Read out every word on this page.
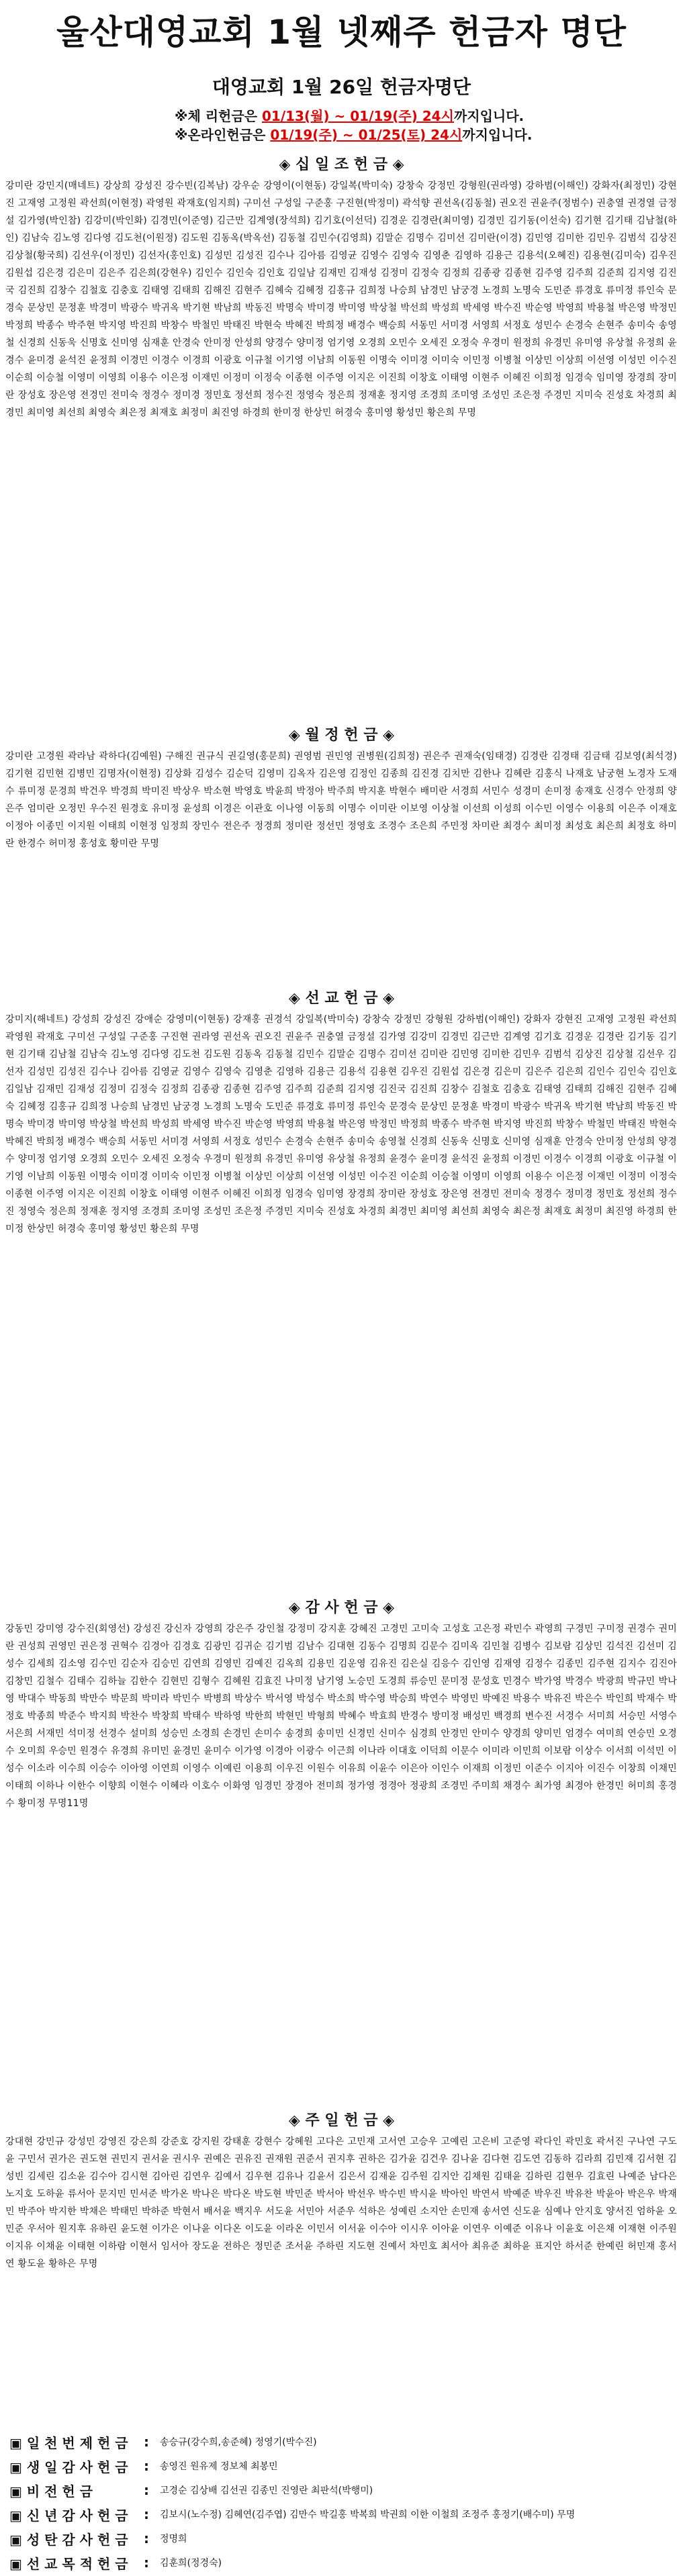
울산대영교회 1월 넷째주 헌금자 명단
대영교회 1월 26일 헌금자명단
※체 리헌금은 01/13(월) ~ 01/19(주) 24시까지입니다.
※온라인헌금은 01/19(주) ~ 01/25(토) 24시까지입니다.
◈ 십 일 조 헌 금 ◈
강미란 강민지(매네트) 강상희 강성진 강수빈(김복남) 강우순 강영이(이현동) 강일복(박미숙) 강창숙 강정민 강형원(권라영) 강하범(이해인) 강화자(최정민) 강현진 고재영 고정원 곽선희(이현정) 곽영원 곽재호(임지희) 구미선 구성일 구준홍 구진현(박정미) 곽석향 권선옥(김동철) 권오진 권윤주(정범수) 권충열 권경열 금정설 김가영(박인참) 김강미(박인화) 김경민(이준영) 김근만 김계영(장석희) 김기호(이선덕) 김경운 김경란(최미영) 김경민 김기동(이선숙) 김기현 김기태 김남철(하인) 김남숙 김노영 김다영 김도천(이원정) 김도원 김동옥(박옥선) 김동철 김민수(김영희) 김말순 김명수 김미선 김미란(이경) 김민영 김미한 김민우 김범석 김상진 김상철(황국희) 김선우(이정민) 김선자(홍인호) 김성민 김성진 김수나 김아름 김영균 김영수 김영숙 김영춘 김영하 김용근 김용석(오혜진) 김용현(김미숙) 김우진 김원섭 김은경 김은미 김은주 김은희(강현우) 김인수 김인숙 김인호 김일남 김재민 김재성 김정미 김정숙 김정희 김종광 김종현 김주영 김주희 김준희 김지영 김진국 김진희 김창수 김철호 김충호 김태영 김태희 김해진 김현주 김혜숙 김혜정 김홍규 김희정 나승희 남경민 남궁경 노경희 노명숙 도민준 류경호 류미정 류인숙 문경숙 문상민 문정훈 박경미 박광수 박귀옥 박기현 박남희 박동진 박명숙 박미경 박미영 박상철 박선희 박성희 박세영 박수진 박순영 박영희 박용철 박은영 박정민 박정희 박종수 박주현 박지영 박진희 박창수 박철민 박태진 박현숙 박혜진 박희정 배경수 백승희 서동민 서미경 서영희 서정호 성민수 손경숙 손현주 송미숙 송영철 신경희 신동욱 신명호 신미영 심재훈 안경숙 안미정 안성희 양경수 양미정 엄기영 오경희 오민수 오세진 오정숙 우경미 원정희 유경민 유미영 유상철 유정희 윤경수 윤미경 윤석진 윤정희 이경민 이경수 이경희 이광호 이규철 이기영 이남희 이동원 이명숙 이미경 이미숙 이민정 이병철 이상민 이상희 이선영 이성민 이수진 이순희 이승철 이영미 이영희 이용수 이은정 이재민 이정미 이정숙 이종현 이주영 이지은 이진희 이창호 이태영 이현주 이혜진 이희정 임경숙 임미영 장경희 장미란 장성호 장은영 전경민 전미숙 정경수 정미경 정민호 정선희 정수진 정영숙 정은희 정재훈 정지영 조경희 조미영 조성민 조은정 주경민 지미숙 진성호 차경희 최경민 최미영 최선희 최영숙 최은정 최재호 최정미 최진영 하경희 한미정 한상민 허경숙 홍미영 황성민 황은희 무명
◈ 월 정 헌 금 ◈
강미란 고경원 곽라남 곽하다(김예원) 구해진 권규식 권길영(홍문희) 권영범 권민영 권병원(김희정) 권은주 권재숙(임태경) 김경란 김경태 김금태 김보영(최석경) 김기현 김민현 김병민 김명자(이현정) 김상화 김성수 김순덕 김영미 김옥자 김은영 김정인 김종희 김진경 김치만 김한나 김혜란 김홍식 나재호 남궁현 노경자 도재수 류미정 문경희 박건우 박경희 박미진 박상우 박소현 박영호 박윤희 박정아 박주희 박지훈 박현수 배미란 서경희 서민수 성경미 손미정 송재호 신경수 안정희 양은주 엄미란 오정민 우수진 원경호 유미정 윤성희 이경은 이관호 이나영 이동희 이명수 이미란 이보영 이상철 이선희 이성희 이수민 이영수 이용희 이은주 이재호 이정아 이종민 이지원 이태희 이현정 임정희 장민수 전은주 정경희 정미란 정선민 정영호 조경수 조은희 주민정 차미란 최경수 최미정 최성호 최은희 최정호 하미란 한경수 허미정 홍성호 황미란 무명
◈ 선 교 헌 금 ◈
강미지(해네트) 강성희 강성진 강애순 강영미(이현동) 강재홍 권경석 강일복(박미숙) 강창숙 강정민 강형원 강하범(이해인) 강화자 강현진 고재영 고정원 곽선희 곽영원 곽재호 구미선 구성일 구준홍 구진현 권라영 권선옥 권오진 권윤주 권충열 금정설 김가영 김강미 김경민 김근만 김계영 김기호 김경운 김경란 김기동 김기현 김기태 김남철 김남숙 김노영 김다영 김도천 김도원 김동옥 김동철 김민수 김말순 김명수 김미선 김미란 김민영 김미한 김민우 김범석 김상진 김상철 김선우 김선자 김성민 김성진 김수나 김아름 김영균 김영수 김영숙 김영춘 김영하 김용근 김용석 김용현 김우진 김원섭 김은경 김은미 김은주 김은희 김인수 김인숙 김인호 김일남 김재민 김재성 김정미 김정숙 김정희 김종광 김종현 김주영 김주희 김준희 김지영 김진국 김진희 김창수 김철호 김충호 김태영 김태희 김해진 김현주 김혜숙 김혜정 김홍규 김희정 나승희 남경민 남궁경 노경희 노명숙 도민준 류경호 류미정 류인숙 문경숙 문상민 문정훈 박경미 박광수 박귀옥 박기현 박남희 박동진 박명숙 박미경 박미영 박상철 박선희 박성희 박세영 박수진 박순영 박영희 박용철 박은영 박정민 박정희 박종수 박주현 박지영 박진희 박창수 박철민 박태진 박현숙 박혜진 박희정 배경수 백승희 서동민 서미경 서영희 서정호 성민수 손경숙 손현주 송미숙 송영철 신경희 신동욱 신명호 신미영 심재훈 안경숙 안미정 안성희 양경수 양미정 엄기영 오경희 오민수 오세진 오정숙 우경미 원정희 유경민 유미영 유상철 유정희 윤경수 윤미경 윤석진 윤정희 이경민 이경수 이경희 이광호 이규철 이기영 이남희 이동원 이명숙 이미경 이미숙 이민정 이병철 이상민 이상희 이선영 이성민 이수진 이순희 이승철 이영미 이영희 이용수 이은정 이재민 이정미 이정숙 이종현 이주영 이지은 이진희 이창호 이태영 이현주 이혜진 이희정 임경숙 임미영 장경희 장미란 장성호 장은영 전경민 전미숙 정경수 정미경 정민호 정선희 정수진 정영숙 정은희 정재훈 정지영 조경희 조미영 조성민 조은정 주경민 지미숙 진성호 차경희 최경민 최미영 최선희 최영숙 최은정 최재호 최정미 최진영 하경희 한미정 한상민 허경숙 홍미영 황성민 황은희 무명
◈ 감 사 헌 금 ◈
강동민 강미영 강수진(회영선) 강성진 강신자 강영희 강은주 강인철 강정미 강지훈 강혜진 고경민 고미숙 고성호 고은정 곽민수 곽영희 구경민 구미정 권경수 권미란 권성희 권영민 권은정 권혁수 김경아 김경호 김광민 김귀순 김기범 김남수 김대현 김동수 김명희 김문수 김미옥 김민철 김병수 김보람 김상민 김석진 김선미 김성수 김세희 김소영 김수민 김순자 김승민 김연희 김영민 김예진 김옥희 김용민 김운영 김유진 김은실 김응수 김인영 김재영 김정수 김종민 김주현 김지수 김진아 김창민 김철수 김태수 김하늘 김한수 김현민 김형수 김혜원 김효진 나미정 남기영 노승민 도경희 류승민 문미정 문성호 민경수 박가영 박경수 박광희 박규민 박나영 박대수 박동희 박만수 박문희 박미라 박민수 박병희 박상수 박서영 박성수 박소희 박수영 박승희 박연수 박영민 박예진 박용수 박유진 박은수 박인희 박재수 박정호 박종희 박준수 박지희 박찬수 박창희 박태수 박하영 박한희 박현민 박형희 박혜수 박효희 반경수 방미정 배성민 백경희 변수진 서경수 서미희 서승민 서영수 서은희 서재민 석미정 선경수 설미희 성승민 소경희 손경민 손미수 송경희 송미민 신경민 신미수 심경희 안경민 안미수 양경희 양미민 엄경수 여미희 연승민 오경수 오미희 우승민 원경수 유경희 유미민 윤경민 윤미수 이가영 이경아 이광수 이근희 이나라 이대호 이덕희 이문수 이미라 이민희 이보람 이상수 이서희 이석민 이성수 이소라 이수희 이승수 이아영 이연희 이영수 이예린 이용희 이우진 이원수 이유희 이윤수 이은아 이인수 이재희 이정민 이준수 이지아 이진수 이창희 이채민 이태희 이하나 이한수 이향희 이현수 이혜라 이호수 이화영 임경민 장경아 전미희 정가영 정경아 정광희 조경민 주미희 채경수 최가영 최경아 한경민 허미희 홍경수 황미정 무명11명
◈ 주 일 헌 금 ◈
강대현 강민규 강성민 강영진 강은희 강준호 강지원 강태훈 강현수 강혜원 고다은 고민재 고서연 고승우 고예린 고은비 고준영 곽다인 곽민호 곽서진 구나연 구도윤 구민서 권가은 권도현 권민지 권서윤 권시우 권예은 권유진 권재원 권준서 권지후 권하은 김가윤 김건우 김나윤 김다현 김도연 김동하 김라희 김민재 김서현 김성빈 김세린 김소윤 김수아 김시현 김아린 김연우 김예서 김우현 김유나 김윤서 김은서 김재윤 김주원 김지안 김채원 김태윤 김하린 김현우 김효린 나예준 남다은 노지호 도하윤 류서아 문지민 민서준 박가온 박나은 박다온 박도현 박민준 박서아 박선우 박수빈 박시윤 박아인 박연서 박예준 박우진 박유찬 박윤아 박은우 박재민 박주아 박지한 박채은 박태민 박하준 박현서 배서윤 백지우 서도윤 서민아 서준우 석하은 성예린 소지안 손민재 송서연 신도윤 심예나 안지호 양서진 엄하윤 오민준 우서아 원지후 유하린 윤도현 이가은 이나윤 이다온 이도윤 이라온 이민서 이서윤 이수아 이시우 이아윤 이연우 이예준 이유나 이윤호 이은채 이재현 이주원 이지유 이채윤 이태현 이하람 이현서 임서아 장도윤 전하은 정민준 조서윤 주하린 지도현 진예서 차민호 최서아 최유준 최하윤 표지안 하서준 한예린 허민재 홍서연 황도윤 황하은 무명
▣ 일 천 번 제 헌 금	:	송승규(강수희,송준혜) 정영기(박수진)
▣ 생 일 감 사 헌 금	:	송영진 원유제 정보체 최봉민
▣ 비 전 헌 금	:	고경순 김상배 김선권 김종민 진영란 최판석(박행미)
▣ 신 년 감 사 헌 금	:	김보시(노수정) 김혜연(김주엽) 김만수 박길홍 박복희 박권희 이한 이철희 조정주 홍정기(배수미) 무명
▣ 성 탄 감 사 헌 금	:	정명희
▣ 선 교 목 적 헌 금	:	김훈희(정경숙)
